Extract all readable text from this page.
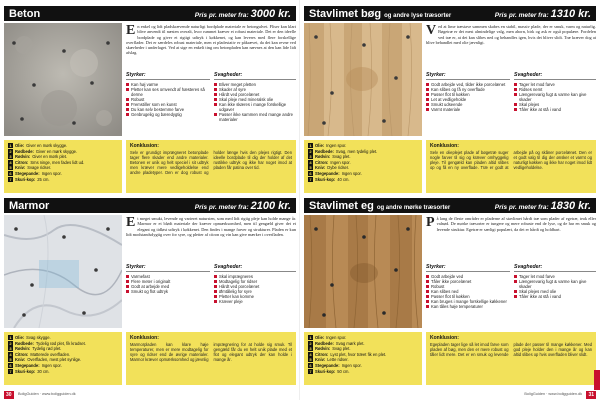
Beton	Pris pr. meter fra: 3000 kr.
En enkel og lidt pladskrævende naturligt bordplade materiale er betongulvet. Fliser kan klart blive anvendt til næsten overalt, hvor rummet kræver et robust materiale. Det er den ideelle bordplade og giver et rigtigt udtryk i køkkenet, og kan leveres med flere forskellige overflader. Det er særdeles robust materiale, men et pladestativ er påkrævet, da det kan revne ved skævheder i underlaget. Ved at sige en enkelt ting om betonpladen kan nævnes at den kan lide lidt afslag.
Styrker:
Kan høj varme
Pletter kan ses omvendt af hæsteres så derme
Robust
Fremstiller som en kunst
Du kan selv bestemme farve
Genbrugelig og bæredygtig
Svagheder:
Bliver meget pletten
Skader af syre
Hårdt ved porcelænet
Skal pleje med mineralsk olie
Kan ikke skæres i mange forskellige udgaver
Passer ikke sammen med mange andre materialer
1 Olie: Giver en mørk skygge.
2 Rødbede: Giver en mørk skygge.
3 Rødvin: Giver en mørk plet.
4 Citron: Sms ninge, men fades lidt ud.
5 Kniv: Svage ridser.
6 Stegepande: Ingen spor.
7 Skuri-kop: 25 cm.
Konklusion:

Selv er grundigt imprægneret betonplade tager flere skader end andre materialer. Betonen er unik og helt speciel i sit udtryk men kræver mere vedligeholdelse end andre pladetyper. Den er dog robust og holder længe hvis den plejes rigtigt. Den ideelle bordplade til dig der holder af det rustikke udtryk og ikke har noget imod at pladen får patina over tid.

Marmor	Pris pr. meter fra: 2100 kr.
Et meget smukt, levende og varieret natursten, som med lidt rigtig pleje kan holde mange år. Marmor er et blødt materiale der kræver opmærksomhed, men til gengæld giver det et elegant og tidløst udtryk i køkkenet. Den findes i mange farver og strukturer. Pladen er kun lidt modstandsdygtig over for syre, og pletter af citron og vin kan give mærker i overfladen.
Styrker:
Varmefast
Flere meter i originalt
Godt at arbejde med
Smukt og flot udtryk
Svagheder:
Skal imprægneres
Modtagelig for ridser
Hårdt ved porcelænet
Ømtålelig for syre
Pletter kan komme
Kræver pleje
1 Olie: Svag skygge.
2 Rødbede: Tydelig rød plet, fik kradset.
3 Rødvin: Tydelig rød plet.
4 Citron: Matterede overfladen.
5 Kniv: Overfladen, mest plet synlige.
6 Stegepande: Ingen spor.
7 Skuri-kop: 30 cm.
Konklusion:

Marmorpladen kan klare høje temperaturer, men er mere modtagelig for syre og ridser end de øvrige materialer. Marmor kræver opmærksomhed og jævnlig imprægnering for at holde sig smuk. Til gengæld får du en helt unik plade med et flot og elegant udtryk der kan holde i mange år.

30	BoligGuiden · www.boligguiden.dk
Stavlimet bøg og andre lyse træsorter	Pris pr. meter fra: 1310 kr.
Ved at lime træstave sammen skabes en stabil, massiv plade, der er smuk, varm og naturlig. Bøgetræ er det mest almindelige valg, men ahorn, birk og ask er også populære. Fordelen ved træ er, at det kan slibes ned og behandles igen, hvis det bliver slidt. Træ kræver dog at blive behandlet med olie jævnligt.
Styrker:
Godt arbejde ved, tilder ikke porcelænet
Kan slibes og få ny overflade
Passer flot til køkken
Let at vedligeholde
Smukt udseende
Varmt materiale
Svagheder:
Tager let mod farve
Ridses nemt
Længerevarig fugt & varme kan give skader
Skal plejes
Tåler ikke at stå i vand
1 Olie: Ingen spor.
2 Rødbede: Svag, men tydelig plet.
3 Rødvin: Svag plet.
4 Citron: Ingen spor.
5 Kniv: Dybe ridser.
6 Stegepande: Ingen spor.
7 Skuri-kop: 40 cm.
Konklusion:

Selv en olieplejet plade af bøgetræ suger nogle farver til sig og kræver omhyggelig pleje. Til gengæld kan pladen altid slibes op og få en ny overflade. Træ er godt at arbejde på og skåner porcelænet. Den er et godt valg til dig der ønsker et varmt og naturligt køkken og ikke har noget imod lidt vedligeholdelse.

Stavlimet eg og andre mørke træsorter	Pris pr. meter fra: 1830 kr.
På lang de fleste områder er pladerne af stavlimet hårdt træ som plader af egetræ, teak eller valnød. De mørke træsorter er tungere og mere robuste end de lyse, og de har en smuk og levende struktur. Egetræ er særligt populært, da det er hårdt og holdbart.
Styrker:
Godt arbejde ved
Tåler ikke porcelænet
Robust
Kan slibes ned
Passer flot til køkken
Kan bruges i mange forskellige køkkener
Kan tåles høje temperaturer
Svagheder:
Tager let mod farve
Længerevarig fugt & varme kan give skader
Skal plejes med olie
Tåler ikke at stå i vand
1 Olie: Ingen spor.
2 Rødbede: Svag mørk plet.
3 Rødvin: Svag plet.
4 Citron: Lyst plet, hvor træet fik en plet.
5 Kniv: Lette ridser.
6 Stegepande: Ingen spor.
7 Skuri-kop: 50 cm.
Konklusion:

Egepladen tager lige så let imod farve som pladen af bøg, men den er mere robust og tåler lidt mere. Det er en smuk og levende plade der passer til mange køkkener. Med god pleje holder den i mange år og kan altid slibes op hvis overfladen bliver slidt.

BoligGuiden · www.boligguiden.dk	31
